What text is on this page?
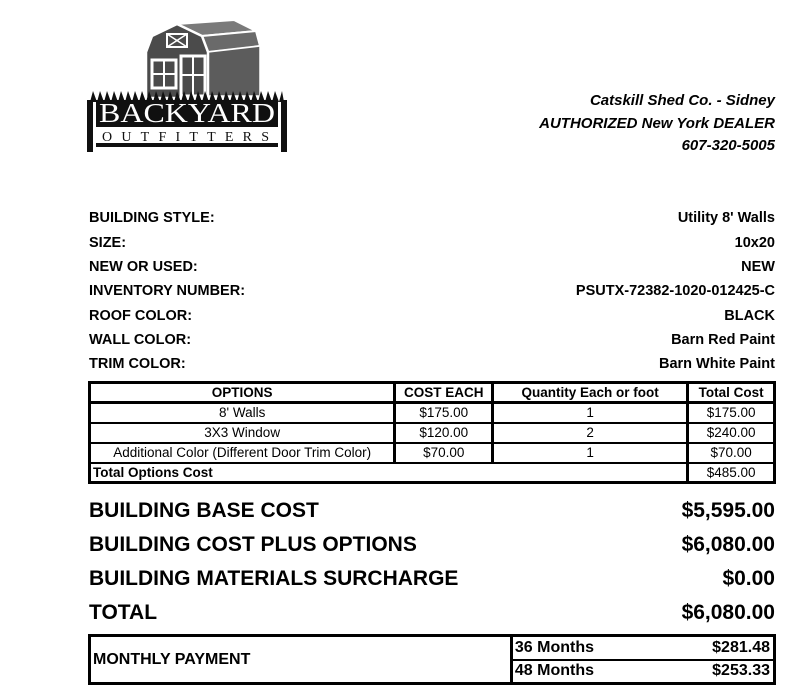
BACKYARD
OUTFITTERS
Catskill Shed Co. - Sidney
AUTHORIZED New York DEALER
607-320-5005
BUILDING STYLE:	Utility 8' Walls
SIZE:	10x20
NEW OR USED:	NEW
INVENTORY NUMBER:	PSUTX-72382-1020-012425-C
ROOF COLOR:	BLACK
WALL COLOR:	Barn Red Paint
TRIM COLOR:	Barn White Paint
OPTIONS	COST EACH	Quantity Each or foot	Total Cost
8' Walls	$175.00	1	$175.00
3X3 Window	$120.00	2	$240.00
Additional Color (Different Door Trim Color)	$70.00	1	$70.00
Total Options Cost			$485.00
BUILDING BASE COST	$5,595.00
BUILDING COST PLUS OPTIONS	$6,080.00
BUILDING MATERIALS SURCHARGE	$0.00
TOTAL	$6,080.00
MONTHLY PAYMENT	
36 Months	$281.48

48 Months	$253.33
